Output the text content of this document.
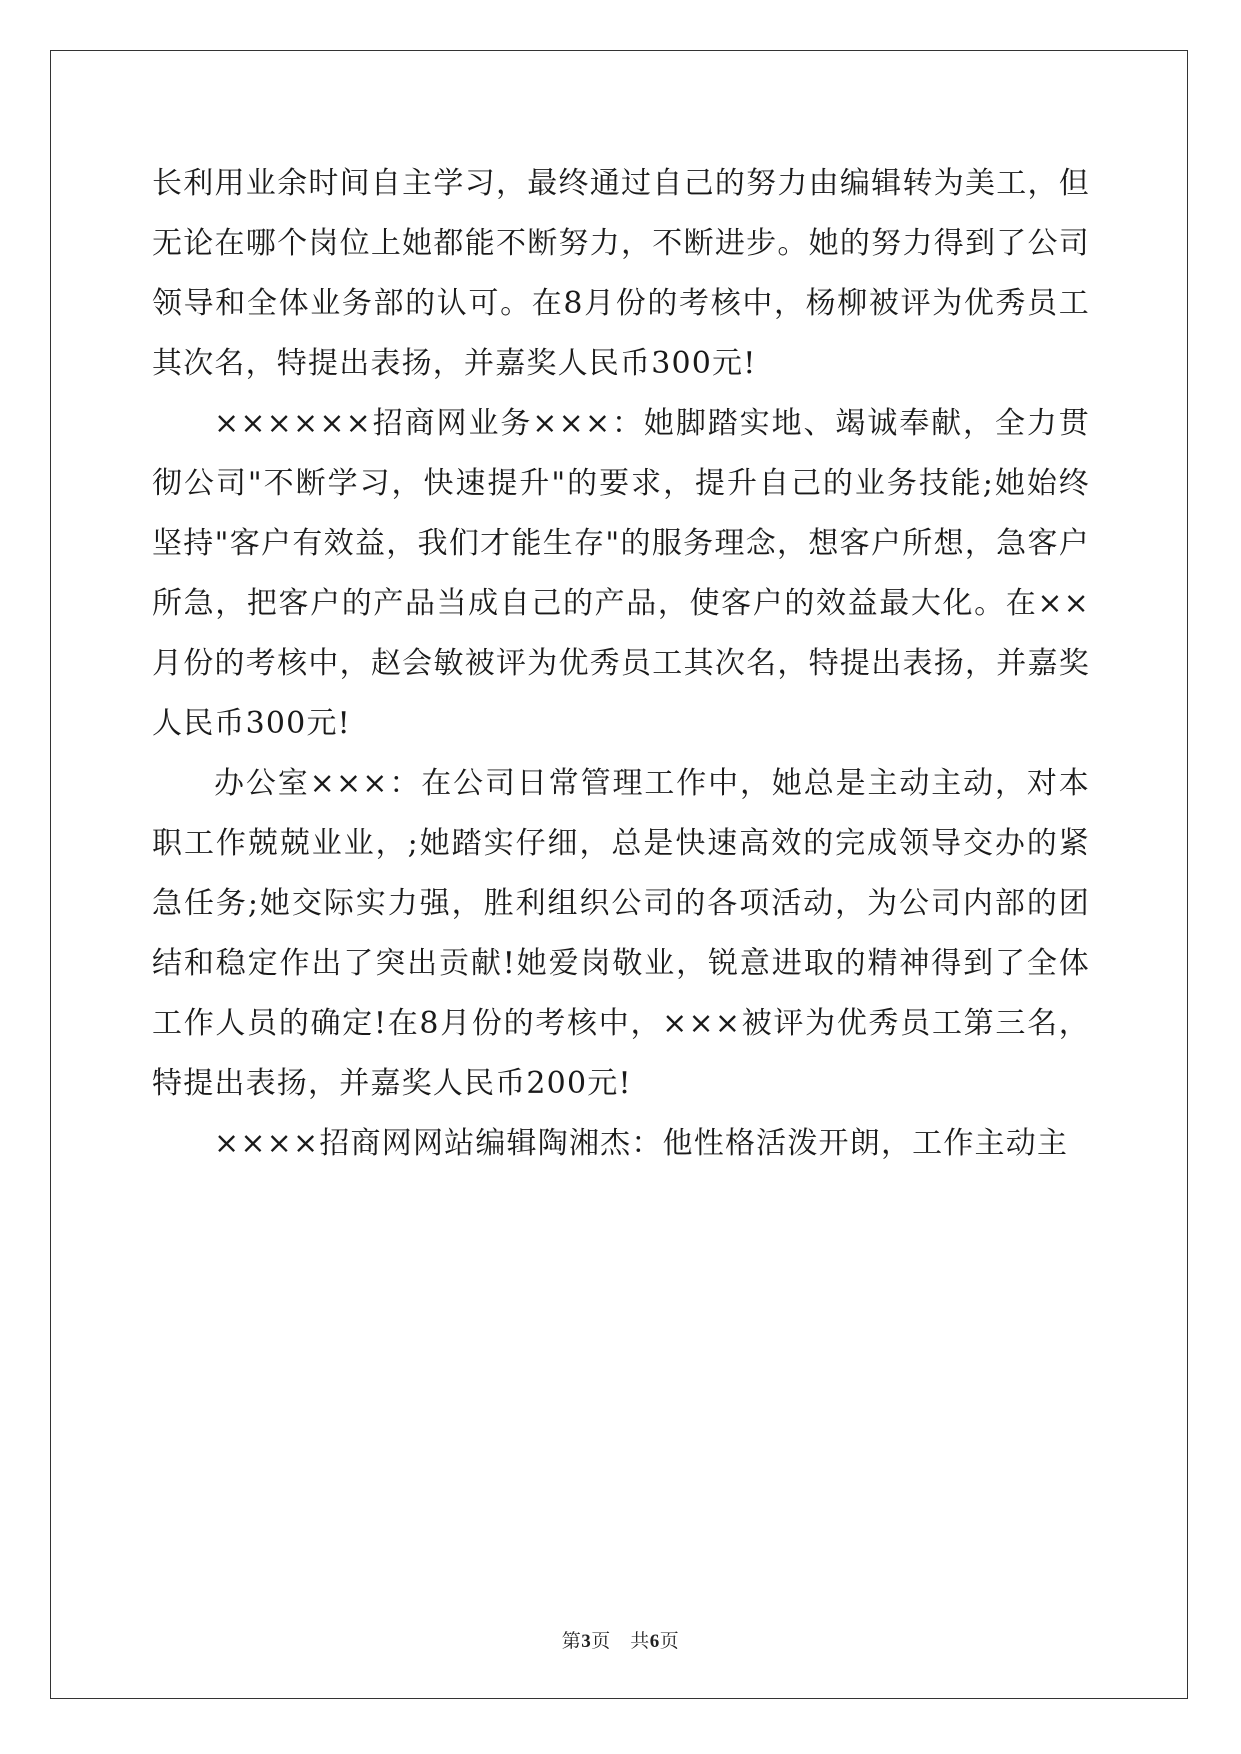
长利用业余时间自主学习，最终通过自己的努力由编辑转为美工，但无论在哪个岗位上她都能不断努力，不断进步。她的努力得到了公司领导和全体业务部的认可。在8月份的考核中，杨柳被评为优秀员工其次名，特提出表扬，并嘉奖人民币300元!

××××××招商网业务×××：她脚踏实地、竭诚奉献，全力贯彻公司"不断学习，快速提升"的要求，提升自己的业务技能;她始终坚持"客户有效益，我们才能生存"的服务理念，想客户所想，急客户所急，把客户的产品当成自己的产品，使客户的效益最大化。在××月份的考核中，赵会敏被评为优秀员工其次名，特提出表扬，并嘉奖人民币300元!

办公室×××：在公司日常管理工作中，她总是主动主动，对本职工作兢兢业业，;她踏实仔细，总是快速高效的完成领导交办的紧急任务;她交际实力强，胜利组织公司的各项活动，为公司内部的团结和稳定作出了突出贡献!她爱岗敬业，锐意进取的精神得到了全体工作人员的确定!在8月份的考核中，×××被评为优秀员工第三名，特提出表扬，并嘉奖人民币200元!

××××招商网网站编辑陶湘杰：他性格活泼开朗，工作主动主

第3页　共6页
